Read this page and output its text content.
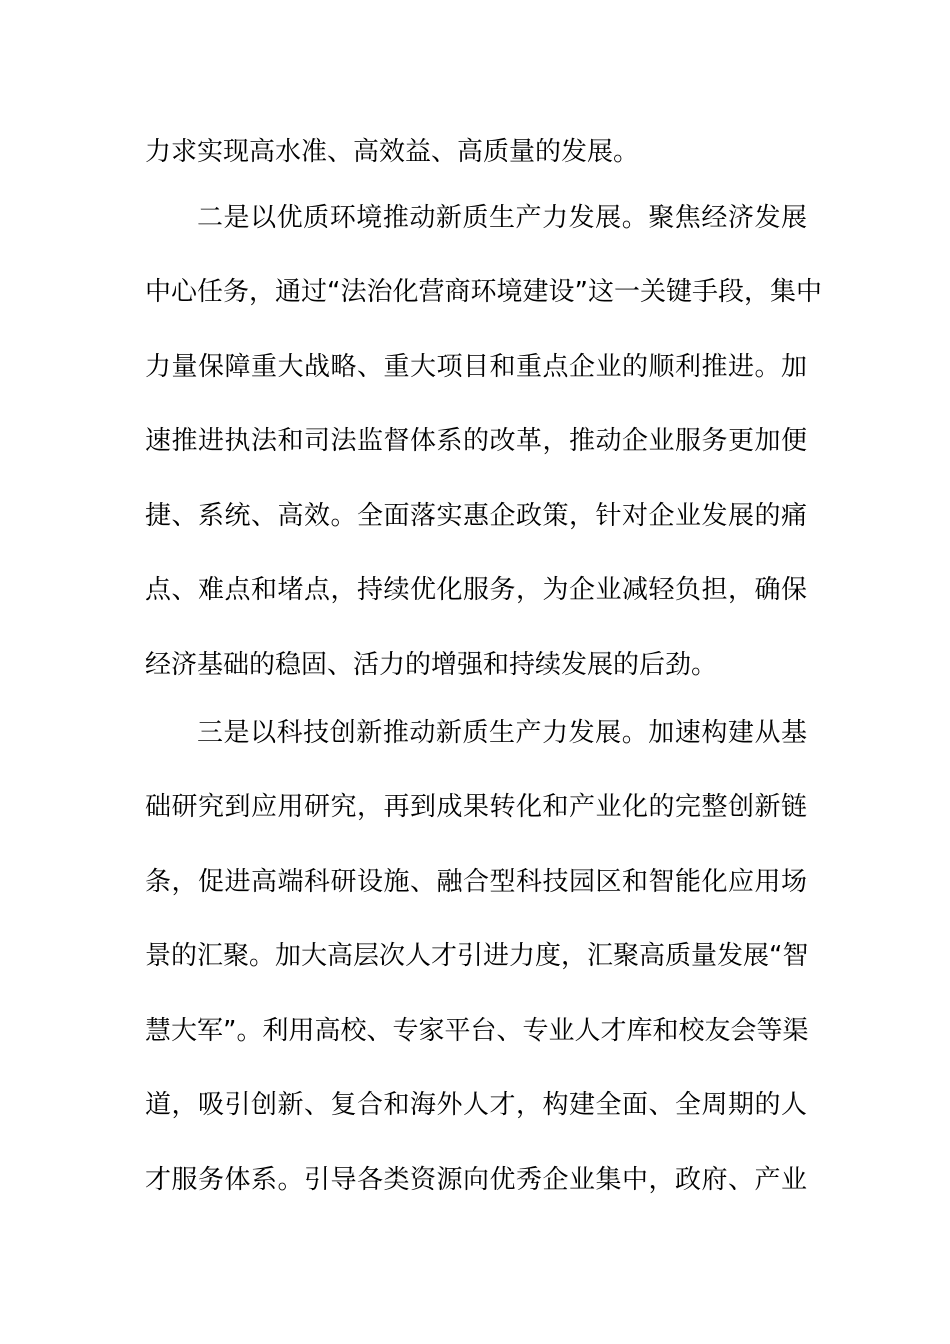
力求实现高水准、高效益、高质量的发展。
二是以优质环境推动新质生产力发展。聚焦经济发展
中心任务，通过“法治化营商环境建设”这一关键手段，集中
力量保障重大战略、重大项目和重点企业的顺利推进。加
速推进执法和司法监督体系的改革，推动企业服务更加便
捷、系统、高效。全面落实惠企政策，针对企业发展的痛
点、难点和堵点，持续优化服务，为企业减轻负担，确保
经济基础的稳固、活力的增强和持续发展的后劲。
三是以科技创新推动新质生产力发展。加速构建从基
础研究到应用研究，再到成果转化和产业化的完整创新链
条，促进高端科研设施、融合型科技园区和智能化应用场
景的汇聚。加大高层次人才引进力度，汇聚高质量发展“智
慧大军”。利用高校、专家平台、专业人才库和校友会等渠
道，吸引创新、复合和海外人才，构建全面、全周期的人
才服务体系。引导各类资源向优秀企业集中，政府、产业
